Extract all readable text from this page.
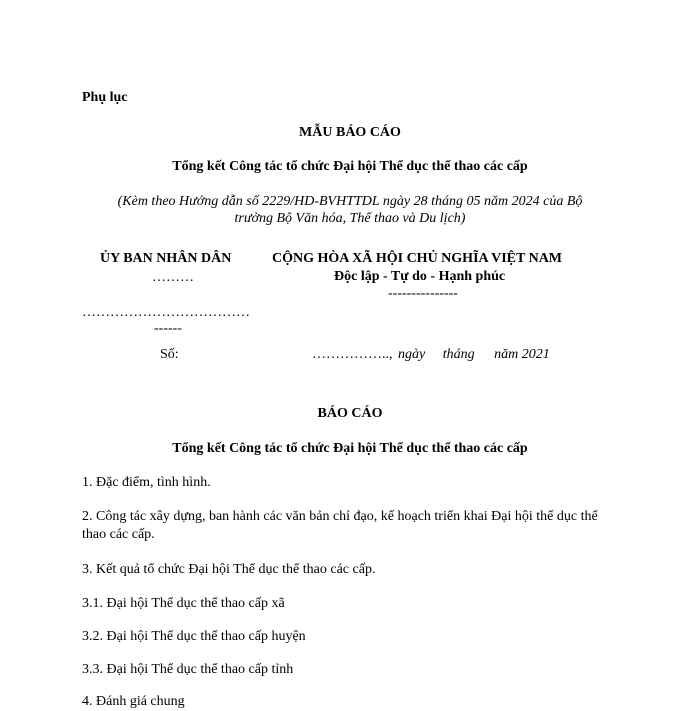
Phụ lục
MẪU BÁO CÁO
Tổng kết Công tác tổ chức Đại hội Thể dục thể thao các cấp
(Kèm theo Hướng dẫn số 2229/HD-BVHTTDL ngày 28 tháng 05 năm 2024 của Bộ
trưởng Bộ Văn hóa, Thể thao và Du lịch)
ỦY BAN NHÂN DÂN
………
………………………………
------
CỘNG HÒA XÃ HỘI CHỦ NGHĨA VIỆT NAM
Độc lập - Tự do - Hạnh phúc
---------------
Số:	…………….., ngày tháng năm 2021
BÁO CÁO
Tổng kết Công tác tổ chức Đại hội Thể dục thể thao các cấp
1. Đặc điểm, tình hình.
2. Công tác xây dựng, ban hành các văn bản chỉ đạo, kế hoạch triển khai Đại hội thể dục thể thao các cấp.
3. Kết quả tổ chức Đại hội Thể dục thể thao các cấp.
3.1. Đại hội Thể dục thể thao cấp xã
3.2. Đại hội Thể dục thể thao cấp huyện
3.3. Đại hội Thể dục thể thao cấp tỉnh
4. Đánh giá chung
